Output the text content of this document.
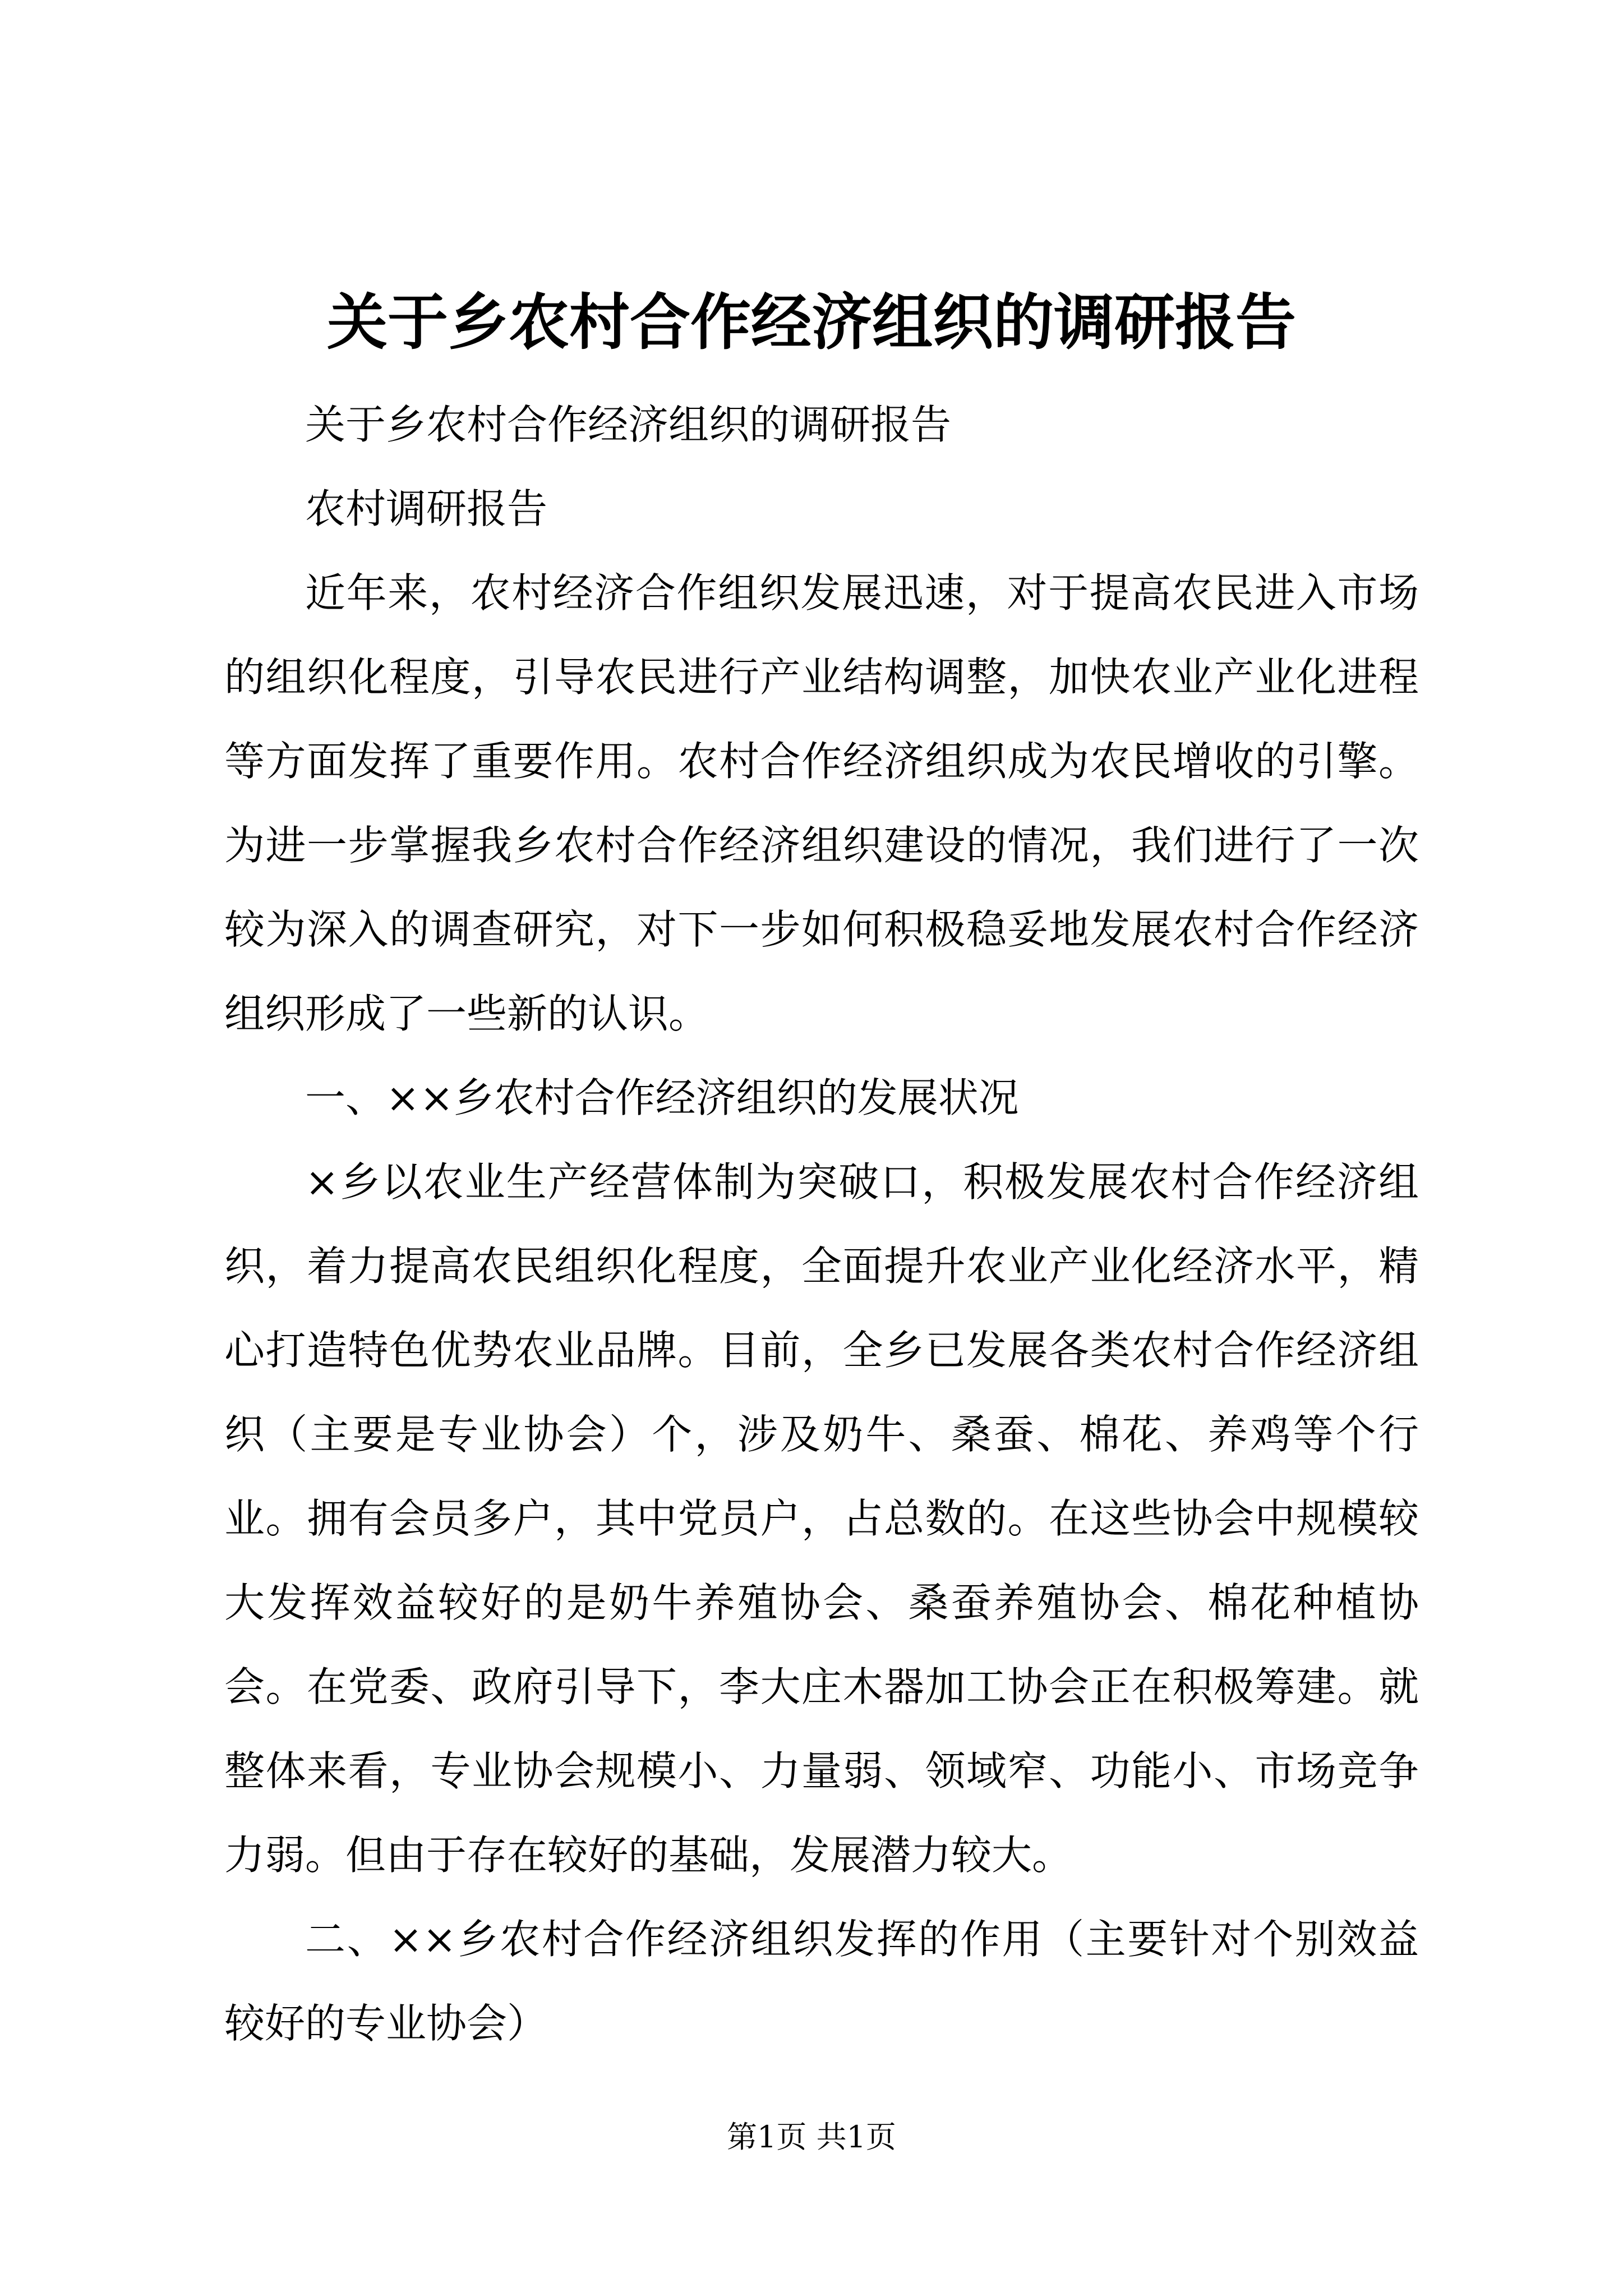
关于乡农村合作经济组织的调研报告

关于乡农村合作经济组织的调研报告

农村调研报告

近年来，农村经济合作组织发展迅速，对于提高农民进入市场的组织化程度，引导农民进行产业结构调整，加快农业产业化进程等方面发挥了重要作用。农村合作经济组织成为农民增收的引擎。为进一步掌握我乡农村合作经济组织建设的情况，我们进行了一次较为深入的调查研究，对下一步如何积极稳妥地发展农村合作经济组织形成了一些新的认识。

一、××乡农村合作经济组织的发展状况

×乡以农业生产经营体制为突破口，积极发展农村合作经济组织，着力提高农民组织化程度，全面提升农业产业化经济水平，精心打造特色优势农业品牌。目前，全乡已发展各类农村合作经济组织（主要是专业协会）个，涉及奶牛、桑蚕、棉花、养鸡等个行业。拥有会员多户，其中党员户，占总数的。在这些协会中规模较大发挥效益较好的是奶牛养殖协会、桑蚕养殖协会、棉花种植协会。在党委、政府引导下，李大庄木器加工协会正在积极筹建。就整体来看，专业协会规模小、力量弱、领域窄、功能小、市场竞争力弱。但由于存在较好的基础，发展潜力较大。

二、××乡农村合作经济组织发挥的作用（主要针对个别效益较好的专业协会）

第1页 共1页
